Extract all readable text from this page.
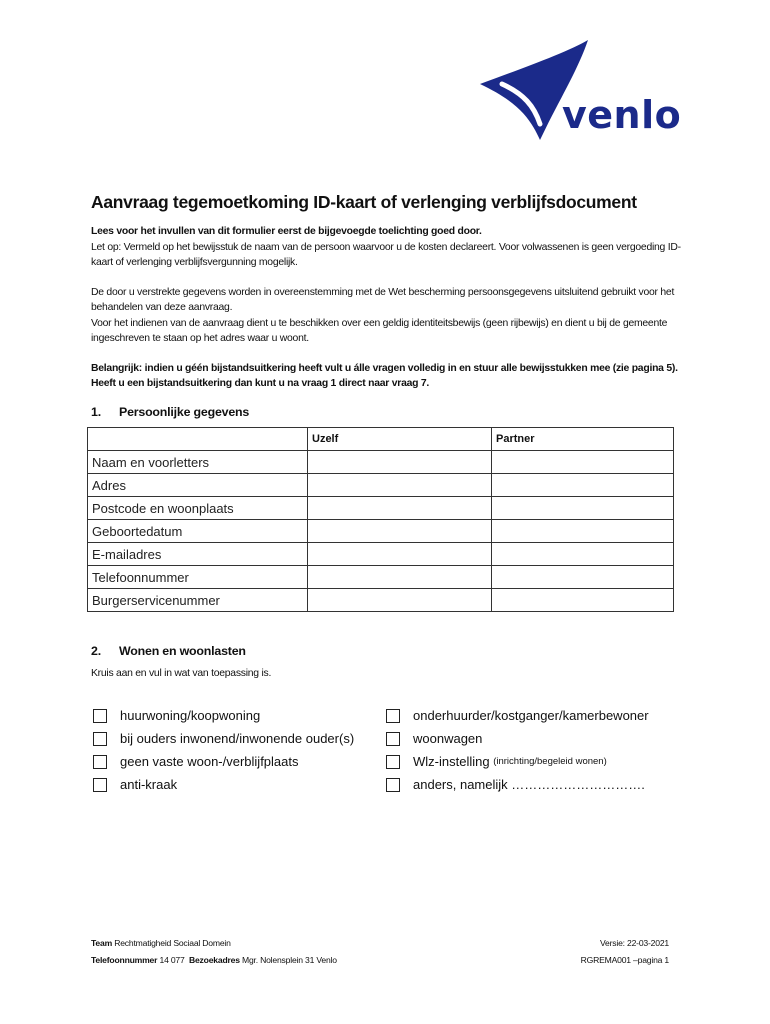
venlo
Aanvraag tegemoetkoming ID-kaart of verlenging verblijfsdocument

Lees voor het invullen van dit formulier eerst de bijgevoegde toelichting goed door.
Let op: Vermeld op het bewijsstuk de naam van de persoon waarvoor u de kosten declareert. Voor volwassenen is geen vergoeding ID-kaart of verlenging verblijfsvergunning mogelijk.

De door u verstrekte gegevens worden in overeenstemming met de Wet bescherming persoonsgegevens uitsluitend gebruikt voor het behandelen van deze aanvraag.

Voor het indienen van de aanvraag dient u te beschikken over een geldig identiteitsbewijs (geen rijbewijs) en dient u bij de gemeente ingeschreven te staan op het adres waar u woont.

Belangrijk: indien u géén bijstandsuitkering heeft vult u álle vragen volledig in en stuur alle bewijsstukken mee (zie pagina 5). Heeft u een bijstandsuitkering dan kunt u na vraag 1 direct naar vraag 7.

1. Persoonlijke gegevens
	Uzelf	Partner
Naam en voorletters		
Adres		
Postcode en woonplaats		
Geboortedatum		
E-mailadres		
Telefoonnummer		
Burgerservicenummer		
2. Wonen en woonlasten
Kruis aan en vul in wat van toepassing is.
huurwoning/koopwoning
bij ouders inwonend/inwonende ouder(s)
geen vaste woon-/verblijfplaats
anti-kraak
onderhuurder/kostganger/kamerbewoner
woonwagen
Wlz-instelling
(inrichting/begeleid wonen)
anders, namelijk ………………………….
Team Rechtmatigheid Sociaal Domein
Telefoonnummer 14 077 Bezoekadres Mgr. Nolensplein 31 Venlo
Versie: 22-03-2021
RGREMA001 –pagina 1
